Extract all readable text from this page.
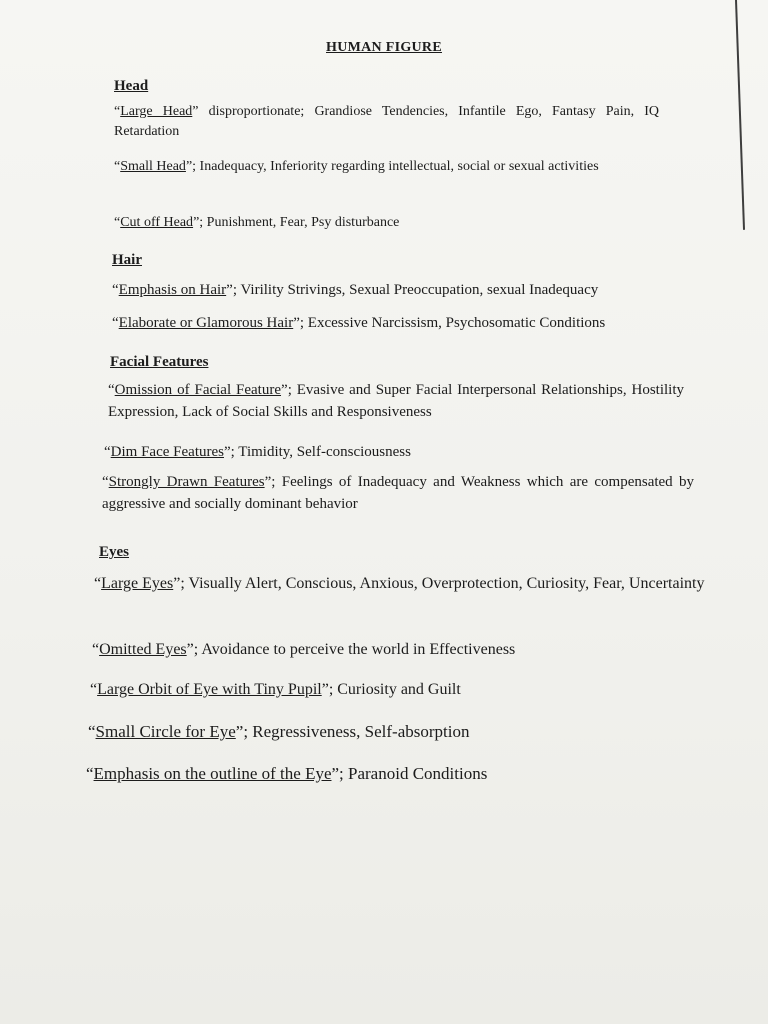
HUMAN FIGURE
Head
“Large Head” disproportionate; Grandiose Tendencies, Infantile Ego, Fantasy Pain, IQ Retardation
“Small Head”; Inadequacy, Inferiority regarding intellectual, social or sexual activities
“Cut off Head”; Punishment, Fear, Psy disturbance
Hair
“Emphasis on Hair”; Virility Strivings, Sexual Preoccupation, sexual Inadequacy
“Elaborate or Glamorous Hair”; Excessive Narcissism, Psychosomatic Conditions
Facial Features
“Omission of Facial Feature”; Evasive and Super Facial Interpersonal Relationships, Hostility Expression, Lack of Social Skills and Responsiveness
“Dim Face Features”; Timidity, Self-consciousness
“Strongly Drawn Features”; Feelings of Inadequacy and Weakness which are compensated by aggressive and socially dominant behavior
Eyes
“Large Eyes”; Visually Alert, Conscious, Anxious, Overprotection, Curiosity, Fear, Uncertainty
“Omitted Eyes”; Avoidance to perceive the world in Effectiveness
“Large Orbit of Eye with Tiny Pupil”; Curiosity and Guilt
“Small Circle for Eye”; Regressiveness, Self-absorption
“Emphasis on the outline of the Eye”; Paranoid Conditions
